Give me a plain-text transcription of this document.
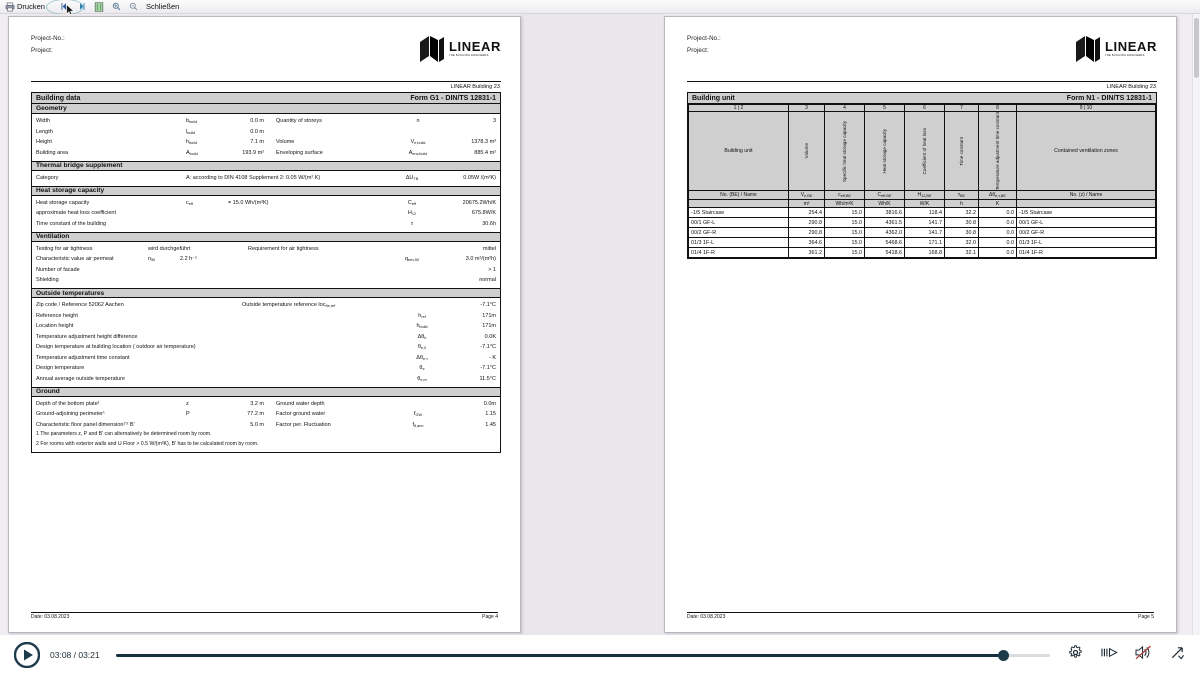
Drucken	Schließen
Project-No.:
Project:	LINEAR
THE BUILDING ENGINEERS
LINEAR Building 23
Building data	Form G1 - DIN/TS 12831-1
Geometry
Width	$b_{build}$	0.0 m	Quantity of storeys	n	3
Length	$l_{build}$	0.0 m
Height	$h_{build}$	7.1 m	Volume	$V_{e,build}$	1378.3 m³
Building area	$A_{build}$	193.9 m²	Enveloping surface	$A_{env,build}$	885.4 m²
Thermal bridge supplement
Category	A: according to DIN 4108 Supplement 2: 0.05 W/(m² K)	$\Delta U_{TB}$	0.05W /(m²K)
Heat storage capacity
Heat storage capacity	$c_{eff}$	= 15.0 Wh/(m³K)	$C_{eff}$	20675.2Wh/K
approximate heat loss coefficient	$H_{12}$	675.8W/K
Time constant of the building	τ	30.6h
Ventilation
Testing for air tightness	wird durchgeführt	Requirement for air tightness	mittel
Characteristic value air permeat	$n_{50}$	2.2 h⁻¹	$q_{env,50}$	3.0 m³/(m²h)
Number of facade	> 1
Shielding	normal
Outside temperatures
Zip code / Reference 52062 Aachen	Outside temperature reference loc$_{\theta e,ref}$	-7.1°C
Reference height	$h_{ref}$	171m
Location height	$h_{build}$	171m
Temperature adjustment height difference	$\Delta\theta_h$	0.0K
Design temperature at building location ( outdoor air temperature)	$\theta_{e,0}$	-7.1°C
Temperature adjustment time constant	$\Delta\theta_{e,\tau}$	- K
Design temperature	$\theta_e$	-7.1°C
Annual average outside temperature	$\theta_{e,m}$	11.5°C
Ground
Depth of the bottom plate¹	z	3.2 m	Ground water depth	0.0m
Ground-adjoining perimeter¹	P	77.2 m	Factor ground water	$f_{GW}$	1.15
Characteristic floor panel dimension¹ʼ² B'	5.0 m	Factor per. Fluctuation	$f_{\theta,ann}$	1.45
1 The parameters z, P and B' can alternatively be determined room by room.
2 For rooms with exterior walls and U Floor > 0.5 W/(m²K), B' has to be calculated room by room.
Date: 03.08.2023	Page 4
Project-No.:
Project:	LINEAR
THE BUILDING ENGINEERS
LINEAR Building 23
Building unit	Form N1 - DIN/TS 12831-1
1 | 2	3	4	5	6	7	8	9 | 10
Building unit	Volume	Specific heat storage capacity	Heat storage capacity	Coefficient of heat loss	Time constant	Temperature adjustment time constant	Contained ventilation zones
No. (BE) / Name	$V_{e,BE}$	$c_{eff,BE}$	$C_{eff,BE}$	$H_{12,BE}$	$\tau_{BE}$	$\Delta\theta_{e,\tau,BE}$	No. (z) / Name
	m³	Wh/m³K	Wh/K	W/K	h	K	
-1/5 Staircase	254.4	15.0	3816.6	118.4	32.2	0.0	-1/5 Staircase
00/1 GF-L	290.8	15.0	4361.5	141.7	30.8	0.0	00/1 GF-L
00/2 GF-R	290.8	15.0	4362.0	141.7	30.8	0.0	00/2 GF-R
01/3 1F-L	364.6	15.0	5468.6	171.1	32.0	0.0	01/3 1F-L
01/4 1F-R	361.2	15.0	5418.6	168.8	32.1	0.0	01/4 1F-R
Date: 03.08.2023	Page 5
03:08 / 03:21
